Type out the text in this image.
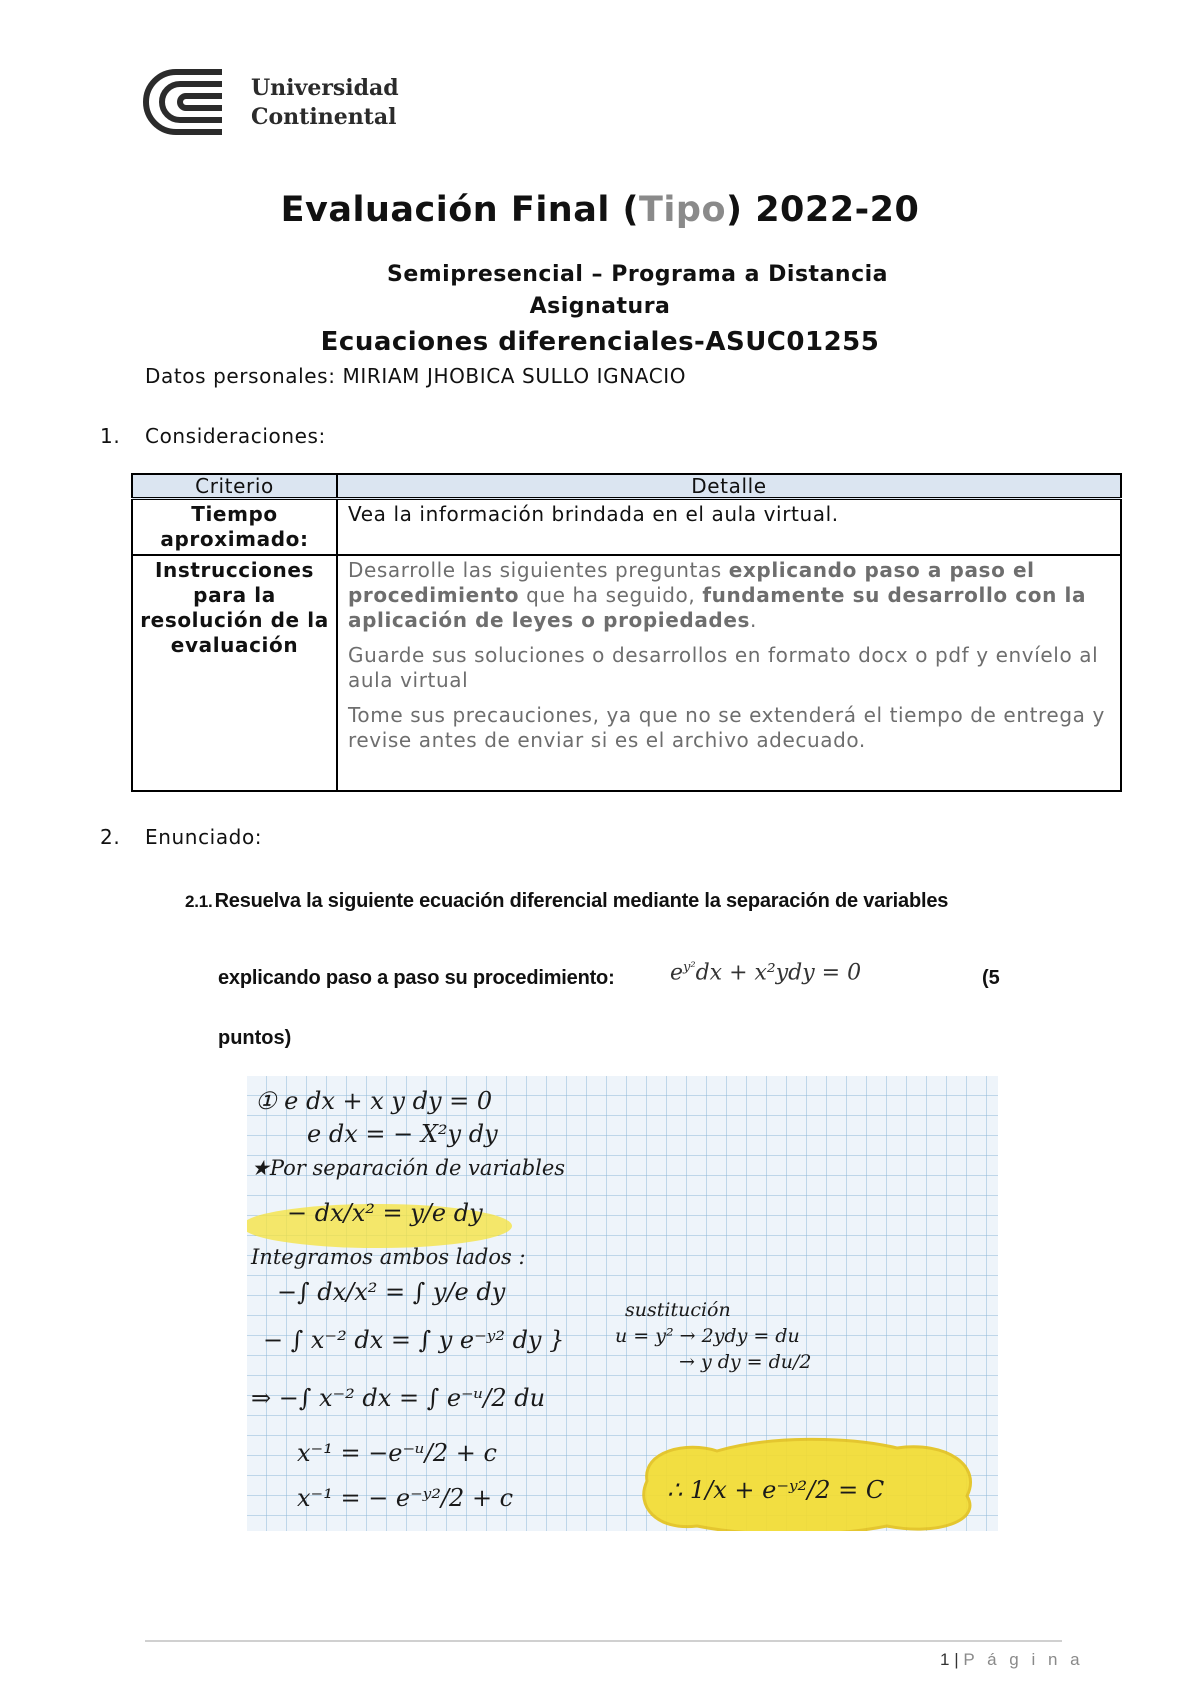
Universidad
Continental
Evaluación Final (Tipo) 2022-20
Semipresencial – Programa a Distancia
Asignatura
Ecuaciones diferenciales-ASUC01255
Datos personales: MIRIAM JHOBICA SULLO IGNACIO
1. Consideraciones:
Criterio	Detalle
Tiempo aproximado:	Vea la información brindada en el aula virtual.
Instrucciones para la resolución de la evaluación	Desarrolle las siguientes preguntas explicando paso a paso el procedimiento que ha seguido, fundamente su desarrollo con la aplicación de leyes o propiedades.

Guarde sus soluciones o desarrollos en formato docx o pdf y envíelo al aula virtual

Tome sus precauciones, ya que no se extenderá el tiempo de entrega y revise antes de enviar si es el archivo adecuado.

2. Enunciado:
2.1. Resuelva la siguiente ecuación diferencial mediante la separación de variables
explicando paso a paso su procedimiento:	$e^{y^2}dx + x^2ydy = 0$	(5
puntos)
① e dx + x y dy = 0
e dx = − X²y dy
★Por separación de variables
− dx/x² = y/e dy
Integramos ambos lados :
−∫ dx/x² = ∫ y/e dy
− ∫ x⁻² dx = ∫ y e⁻ʸ² dy }
sustitución
u = y² → 2ydy = du
→ y dy = du/2
⇒ −∫ x⁻² dx = ∫ e⁻ᵘ/2 du
x⁻¹ = −e⁻ᵘ/2 + c
x⁻¹ = − e⁻ʸ²/2 + c	∴ 1/x + e⁻ʸ²/2 = C
1 | P á g i n a
